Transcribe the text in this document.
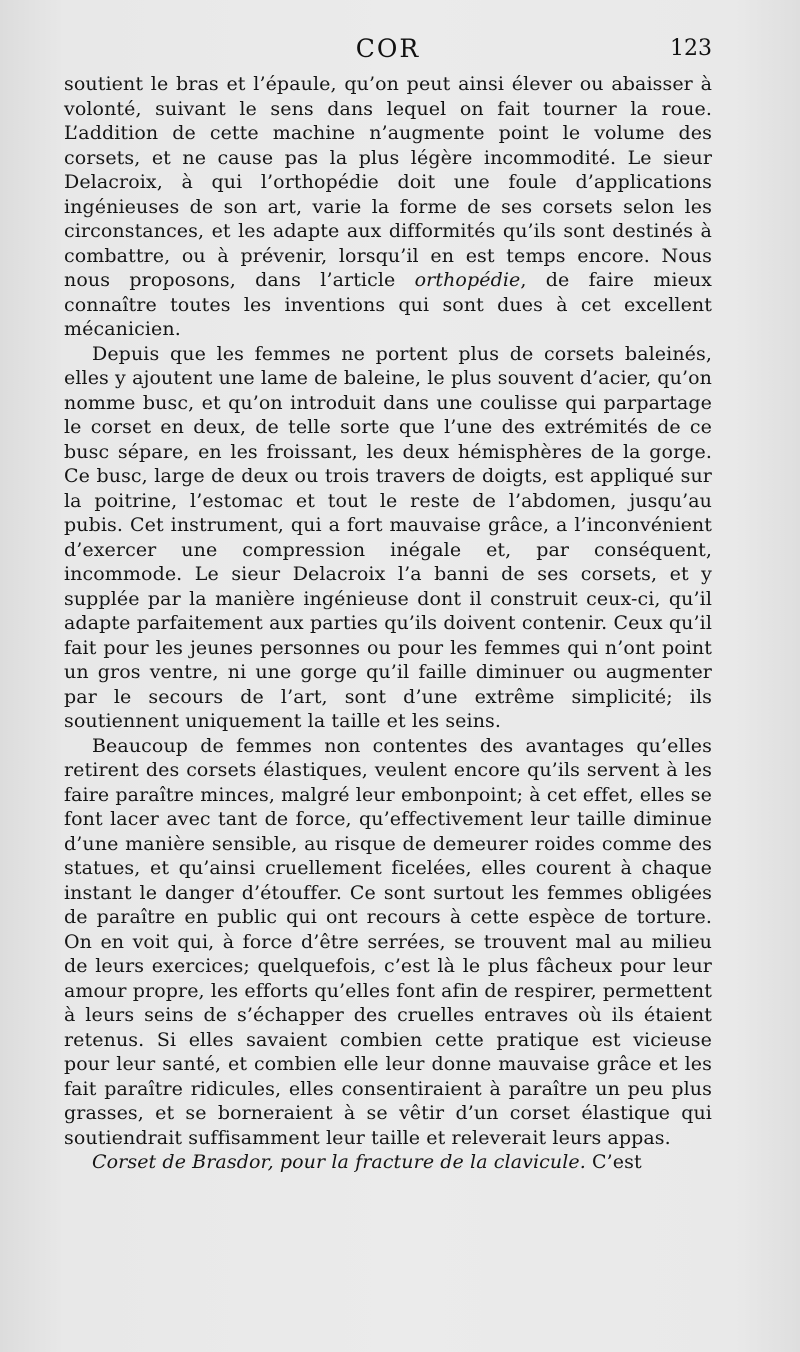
COR	123

soutient le bras et l’épaule, qu’on peut ainsi élever ou abaisser à volonté, suivant le sens dans lequel on fait tourner la roue. L’addition de cette machine n’augmente point le volume des corsets, et ne cause pas la plus légère incommodité. Le sieur Delacroix, à qui l’orthopédie doit une foule d’applications ingénieuses de son art, varie la forme de ses corsets selon les circonstances, et les adapte aux difformités qu’ils sont destinés à combattre, ou à prévenir, lorsqu’il en est temps encore. Nous nous proposons, dans l’article orthopédie, de faire mieux connaître toutes les inventions qui sont dues à cet excellent mécanicien.

Depuis que les femmes ne portent plus de corsets baleinés, elles y ajoutent une lame de baleine, le plus souvent d’acier, qu’on nomme busc, et qu’on introduit dans une coulisse qui parpartage le corset en deux, de telle sorte que l’une des extrémités de ce busc sépare, en les froissant, les deux hémisphères de la gorge. Ce busc, large de deux ou trois travers de doigts, est appliqué sur la poitrine, l’estomac et tout le reste de l’abdomen, jusqu’au pubis. Cet instrument, qui a fort mauvaise grâce, a l’inconvénient d’exercer une compression inégale et, par conséquent, incommode. Le sieur Delacroix l’a banni de ses corsets, et y supplée par la manière ingénieuse dont il construit ceux-ci, qu’il adapte parfaitement aux parties qu’ils doivent contenir. Ceux qu’il fait pour les jeunes personnes ou pour les femmes qui n’ont point un gros ventre, ni une gorge qu’il faille diminuer ou augmenter par le secours de l’art, sont d’une extrême simplicité; ils soutiennent uniquement la taille et les seins.

Beaucoup de femmes non contentes des avantages qu’elles retirent des corsets élastiques, veulent encore qu’ils servent à les faire paraître minces, malgré leur embonpoint; à cet effet, elles se font lacer avec tant de force, qu’effectivement leur taille diminue d’une manière sensible, au risque de demeurer roides comme des statues, et qu’ainsi cruellement ficelées, elles courent à chaque instant le danger d’étouffer. Ce sont surtout les femmes obligées de paraître en public qui ont recours à cette espèce de torture. On en voit qui, à force d’être serrées, se trouvent mal au milieu de leurs exercices; quelquefois, c’est là le plus fâcheux pour leur amour propre, les efforts qu’elles font afin de respirer, permettent à leurs seins de s’échapper des cruelles entraves où ils étaient retenus. Si elles savaient combien cette pratique est vicieuse pour leur santé, et combien elle leur donne mauvaise grâce et les fait paraître ridicules, elles consentiraient à paraître un peu plus grasses, et se borneraient à se vêtir d’un corset élastique qui soutiendrait suffisamment leur taille et releverait leurs appas.

Corset de Brasdor, pour la fracture de la clavicule. C’est
